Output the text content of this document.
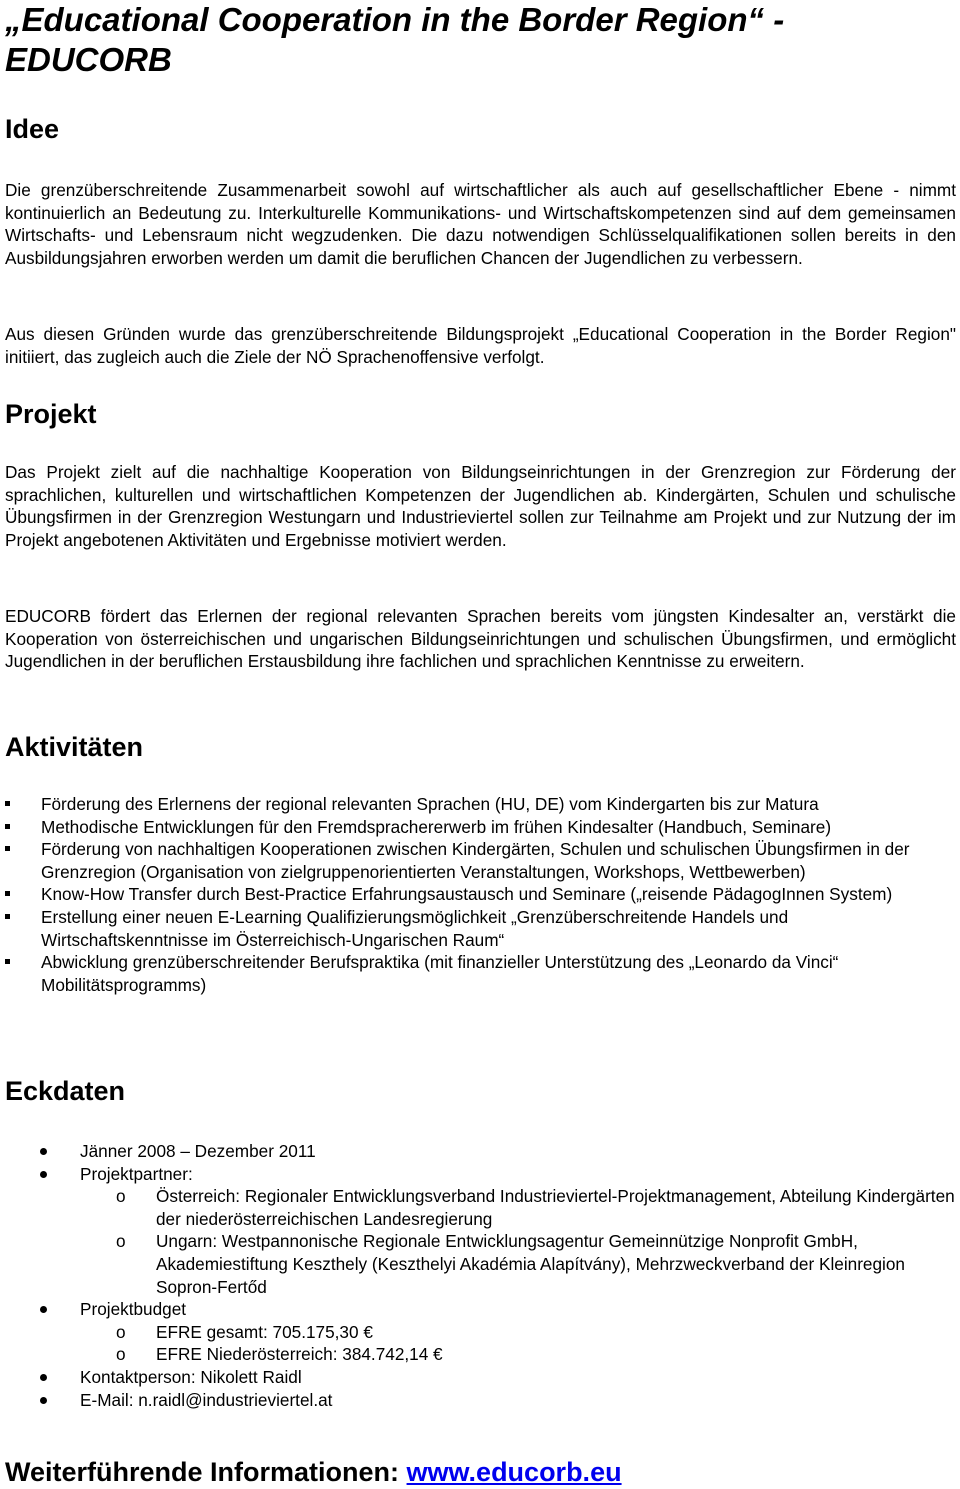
„Educational Cooperation in the Border Region“ - EDUCORB
Idee

Die grenzüberschreitende Zusammenarbeit sowohl auf wirtschaftlicher als auch auf gesellschaftlicher Ebene - nimmt kontinuierlich an Bedeutung zu. Interkulturelle Kommunikations- und Wirtschaftskompetenzen sind auf dem gemeinsamen Wirtschafts- und Lebensraum nicht wegzudenken. Die dazu notwendigen Schlüsselqualifikationen sollen bereits in den Ausbildungsjahren erworben werden um damit die beruflichen Chancen der Jugendlichen zu verbessern.

Aus diesen Gründen wurde das grenzüberschreitende Bildungsprojekt „Educational Cooperation in the Border Region" initiiert, das zugleich auch die Ziele der NÖ Sprachenoffensive verfolgt.

Projekt

Das Projekt zielt auf die nachhaltige Kooperation von Bildungseinrichtungen in der Grenzregion zur Förderung der sprachlichen, kulturellen und wirtschaftlichen Kompetenzen der Jugendlichen ab. Kindergärten, Schulen und schulische Übungsfirmen in der Grenzregion Westungarn und Industrieviertel sollen zur Teilnahme am Projekt und zur Nutzung der im Projekt angebotenen Aktivitäten und Ergebnisse motiviert werden.

EDUCORB fördert das Erlernen der regional relevanten Sprachen bereits vom jüngsten Kindesalter an, verstärkt die Kooperation von österreichischen und ungarischen Bildungseinrichtungen und schulischen Übungsfirmen, und ermöglicht Jugendlichen in der beruflichen Erstausbildung ihre fachlichen und sprachlichen Kenntnisse zu erweitern.

Aktivitäten
Förderung des Erlernens der regional relevanten Sprachen (HU, DE) vom Kindergarten bis zur Matura
Methodische Entwicklungen für den Fremdsprachererwerb im frühen Kindesalter (Handbuch, Seminare)
Förderung von nachhaltigen Kooperationen zwischen Kindergärten, Schulen und schulischen Übungsfirmen in der Grenzregion (Organisation von zielgruppenorientierten Veranstaltungen, Workshops, Wettbewerben)
Know-How Transfer durch Best-Practice Erfahrungsaustausch und Seminare („reisende PädagogInnen System)
Erstellung einer neuen E-Learning Qualifizierungsmöglichkeit „Grenzüberschreitende Handels und Wirtschaftskenntnisse im Österreichisch-Ungarischen Raum“
Abwicklung grenzüberschreitender Berufspraktika (mit finanzieller Unterstützung des „Leonardo da Vinci“ Mobilitätsprogramms)
Eckdaten
Jänner 2008 – Dezember 2011
Projektpartner:
o Österreich: Regionaler Entwicklungsverband Industrieviertel-Projektmanagement, Abteilung Kindergärten der niederösterreichischen Landesregierung
o Ungarn: Westpannonische Regionale Entwicklungsagentur Gemeinnützige Nonprofit GmbH, Akademiestiftung Keszthely (Keszthelyi Akadémia Alapítvány), Mehrzweckverband der Kleinregion Sopron-Fertőd
Projektbudget
o EFRE gesamt: 705.175,30 €
o EFRE Niederösterreich: 384.742,14 €
Kontaktperson: Nikolett Raidl
E-Mail: n.raidl@industrieviertel.at
Weiterführende Informationen: www.educorb.eu
